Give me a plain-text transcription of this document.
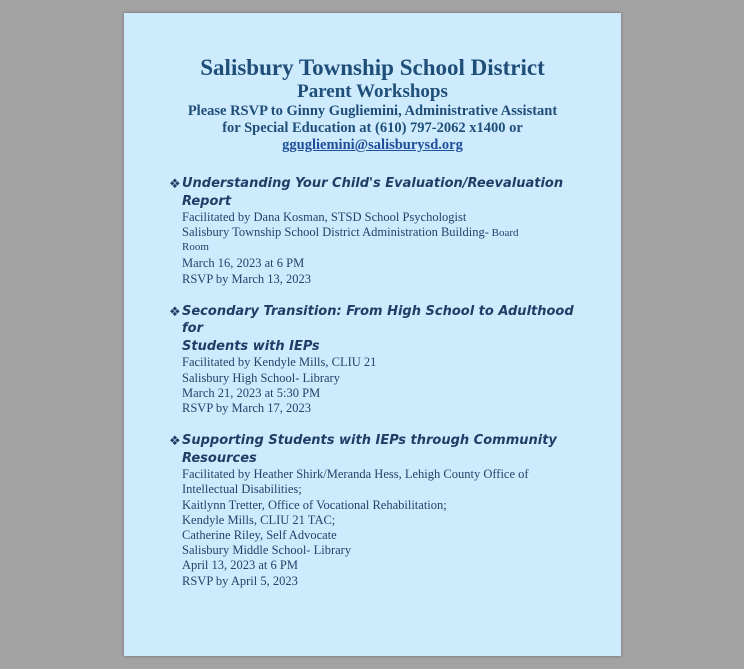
Salisbury Township School District
Parent Workshops
Please RSVP to Ginny Gugliemini, Administrative Assistant
for Special Education at (610) 797-2062 x1400 or
ggugliemini@salisburysd.org
❖ Understanding Your Child's Evaluation/Reevaluation
Report
Facilitated by Dana Kosman, STSD School Psychologist
Salisbury Township School District Administration Building- Board
Room
March 16, 2023 at 6 PM
RSVP by March 13, 2023
❖ Secondary Transition: From High School to Adulthood for
Students with IEPs
Facilitated by Kendyle Mills, CLIU 21
Salisbury High School- Library
March 21, 2023 at 5:30 PM
RSVP by March 17, 2023
❖ Supporting Students with IEPs through Community
Resources
Facilitated by Heather Shirk/Meranda Hess, Lehigh County Office of
Intellectual Disabilities;
Kaitlynn Tretter, Office of Vocational Rehabilitation;
Kendyle Mills, CLIU 21 TAC;
Catherine Riley, Self Advocate
Salisbury Middle School- Library
April 13, 2023 at 6 PM
RSVP by April 5, 2023
